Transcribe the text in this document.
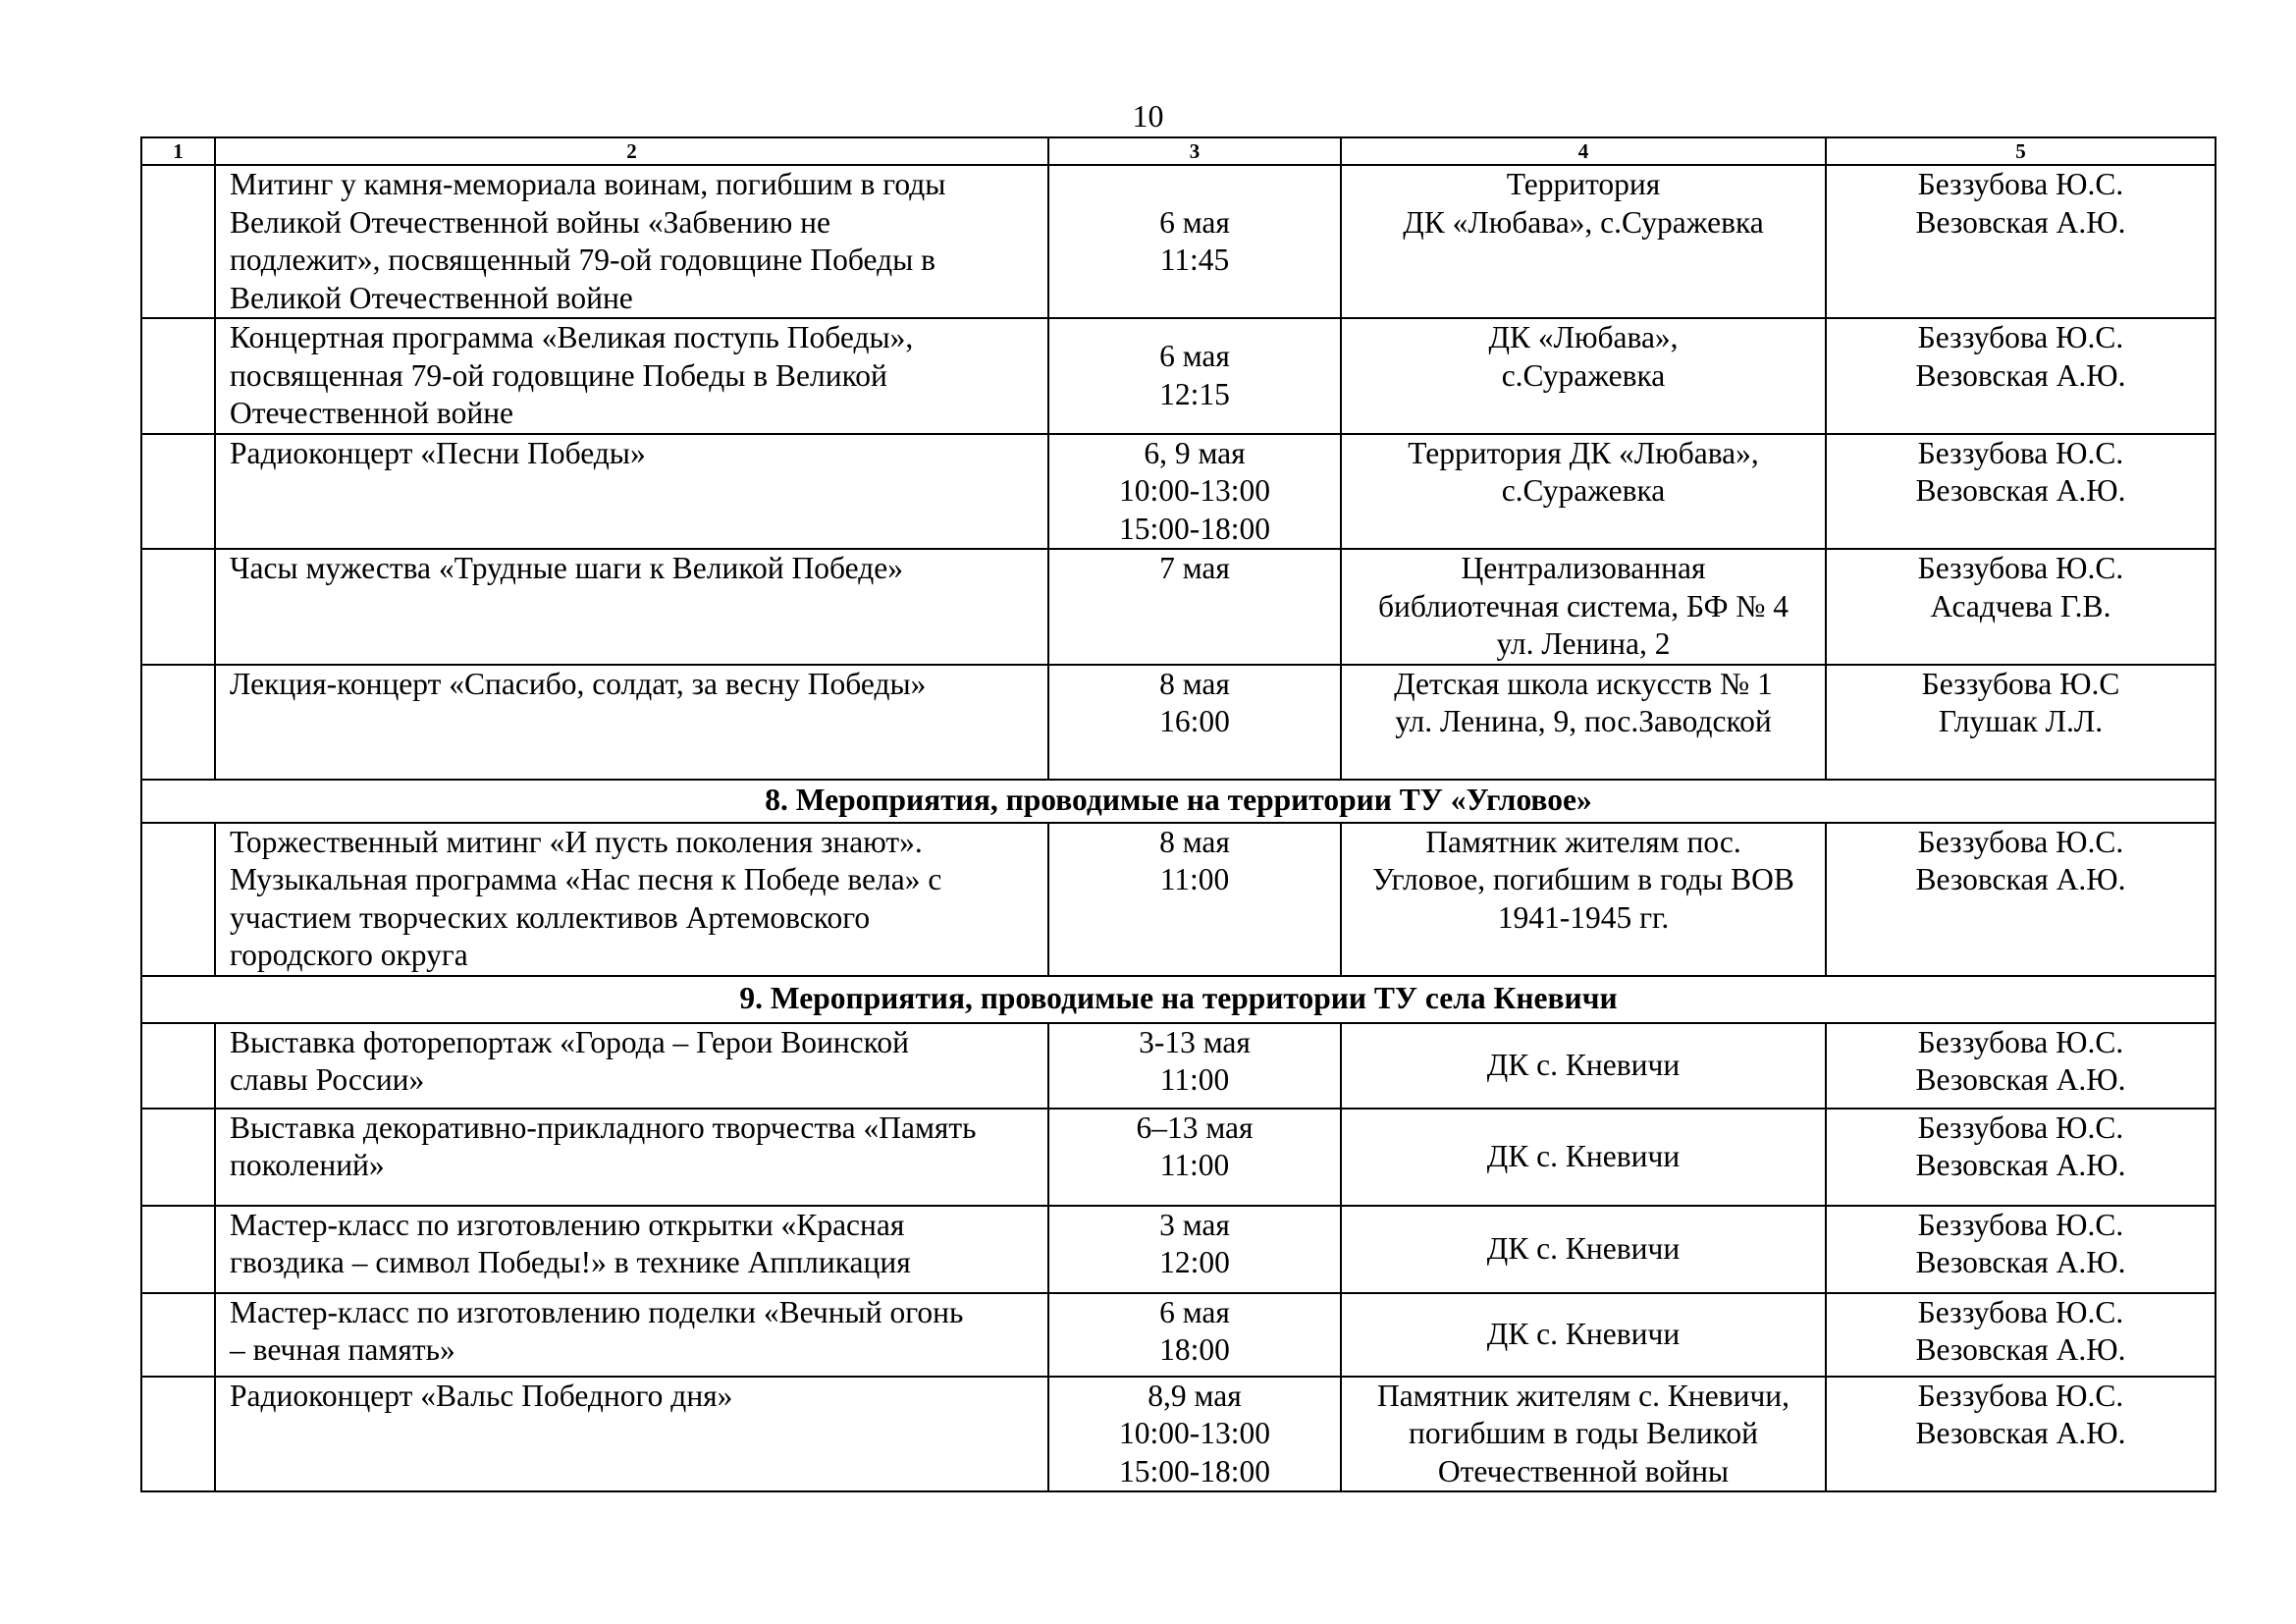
10
1	2	3	4	5

	Митинг у камня-мемориала воинам, погибшим в годы
Великой Отечественной войны «Забвению не
подлежит», посвященный 79-ой годовщине Победы в
Великой Отечественной войне	6 мая
11:45	Территория
ДК «Любава», с.Суражевка	Беззубова Ю.С.
Везовская А.Ю.

	Концертная программа «Великая поступь Победы»,
посвященная 79-ой годовщине Победы в Великой
Отечественной войне	6 мая
12:15	ДК «Любава»,
с.Суражевка	Беззубова Ю.С.
Везовская А.Ю.

	Радиоконцерт «Песни Победы»	6, 9 мая
10:00-13:00
15:00-18:00	Территория ДК «Любава»,
с.Суражевка	Беззубова Ю.С.
Везовская А.Ю.

	Часы мужества «Трудные шаги к Великой Победе»	7 мая	Централизованная
библиотечная система, БФ № 4
ул. Ленина, 2	Беззубова Ю.С.
Асадчева Г.В.

	Лекция-концерт «Спасибо, солдат, за весну Победы»	8 мая
16:00	Детская школа искусств № 1
ул. Ленина, 9, пос.Заводской	Беззубова Ю.С
Глушак Л.Л.

8. Мероприятия, проводимые на территории ТУ «Угловое»				

	Торжественный митинг «И пусть поколения знают».
Музыкальная программа «Нас песня к Победе вела» с
участием творческих коллективов Артемовского
городского округа	8 мая
11:00	Памятник жителям пос.
Угловое, погибшим в годы ВОВ
1941-1945 гг.	Беззубова Ю.С.
Везовская А.Ю.

9. Мероприятия, проводимые на территории ТУ села Кневичи				

	Выставка фоторепортаж «Города – Герои Воинской
славы России»	3-13 мая
11:00	ДК с. Кневичи	Беззубова Ю.С.
Везовская А.Ю.

	Выставка декоративно-прикладного творчества «Память
поколений»	6–13 мая
11:00	ДК с. Кневичи	Беззубова Ю.С.
Везовская А.Ю.

	Мастер-класс по изготовлению открытки «Красная
гвоздика – символ Победы!» в технике Аппликация	3 мая
12:00	ДК с. Кневичи	Беззубова Ю.С.
Везовская А.Ю.

	Мастер-класс по изготовлению поделки «Вечный огонь
– вечная память»	6 мая
18:00	ДК с. Кневичи	Беззубова Ю.С.
Везовская А.Ю.

	Радиоконцерт «Вальс Победного дня»	8,9 мая
10:00-13:00
15:00-18:00	Памятник жителям с. Кневичи,
погибшим в годы Великой
Отечественной войны	Беззубова Ю.С.
Везовская А.Ю.
